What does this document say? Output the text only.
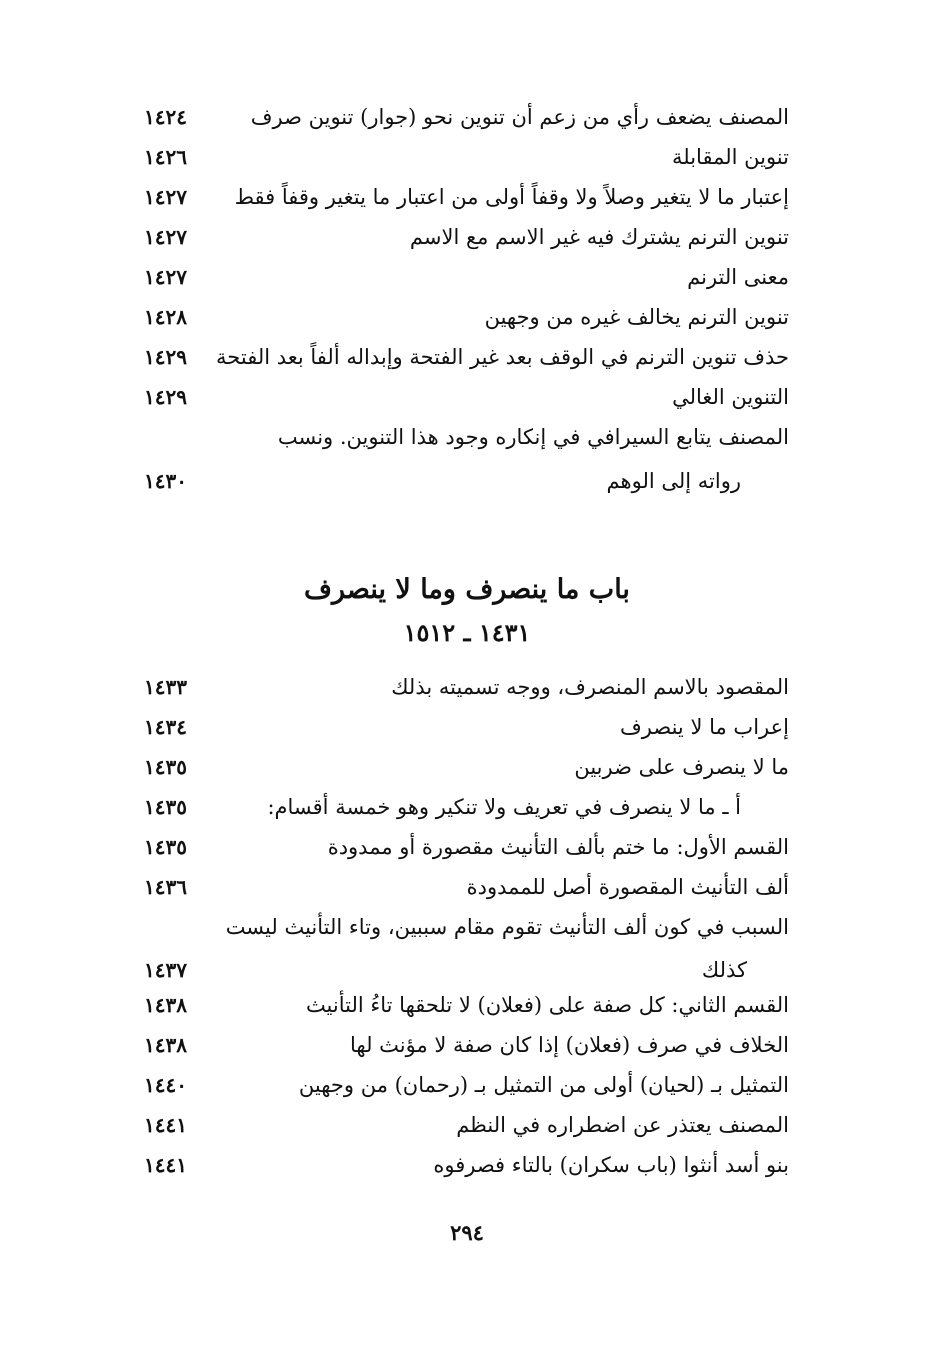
المصنف يضعف رأي من زعم أن تنوين نحو (جوار) تنوين صرف
١٤٢٤
تنوين المقابلة
١٤٢٦
إعتبار ما لا يتغير وصلاً ولا وقفاً أولى من اعتبار ما يتغير وقفاً فقط
١٤٢٧
تنوين الترنم يشترك فيه غير الاسم مع الاسم
١٤٢٧
معنى الترنم
١٤٢٧
تنوين الترنم يخالف غيره من وجهين
١٤٢٨
حذف تنوين الترنم في الوقف بعد غير الفتحة وإبداله ألفاً بعد الفتحة
١٤٢٩
التنوين الغالي
١٤٢٩
المصنف يتابع السيرافي في إنكاره وجود هذا التنوين. ونسب
رواته إلى الوهم
١٤٣٠
باب ما ينصرف وما لا ينصرف
١٤٣١ ـ ١٥١٢
المقصود بالاسم المنصرف، ووجه تسميته بذلك
١٤٣٣
إعراب ما لا ينصرف
١٤٣٤
ما لا ينصرف على ضربين
١٤٣٥
أ ـ ما لا ينصرف في تعريف ولا تنكير وهو خمسة أقسام:
١٤٣٥
القسم الأول: ما ختم بألف التأنيث مقصورة أو ممدودة
١٤٣٥
ألف التأنيث المقصورة أصل للممدودة
١٤٣٦
السبب في كون ألف التأنيث تقوم مقام سببين، وتاء التأنيث ليست
كذلك
١٤٣٧
القسم الثاني: كل صفة على (فعلان) لا تلحقها تاءُ التأنيث
١٤٣٨
الخلاف في صرف (فعلان) إذا كان صفة لا مؤنث لها
١٤٣٨
التمثيل بـ (لحيان) أولى من التمثيل بـ (رحمان) من وجهين
١٤٤٠
المصنف يعتذر عن اضطراره في النظم
١٤٤١
بنو أسد أنثوا (باب سكران) بالتاء فصرفوه
١٤٤١
٢٩٤
